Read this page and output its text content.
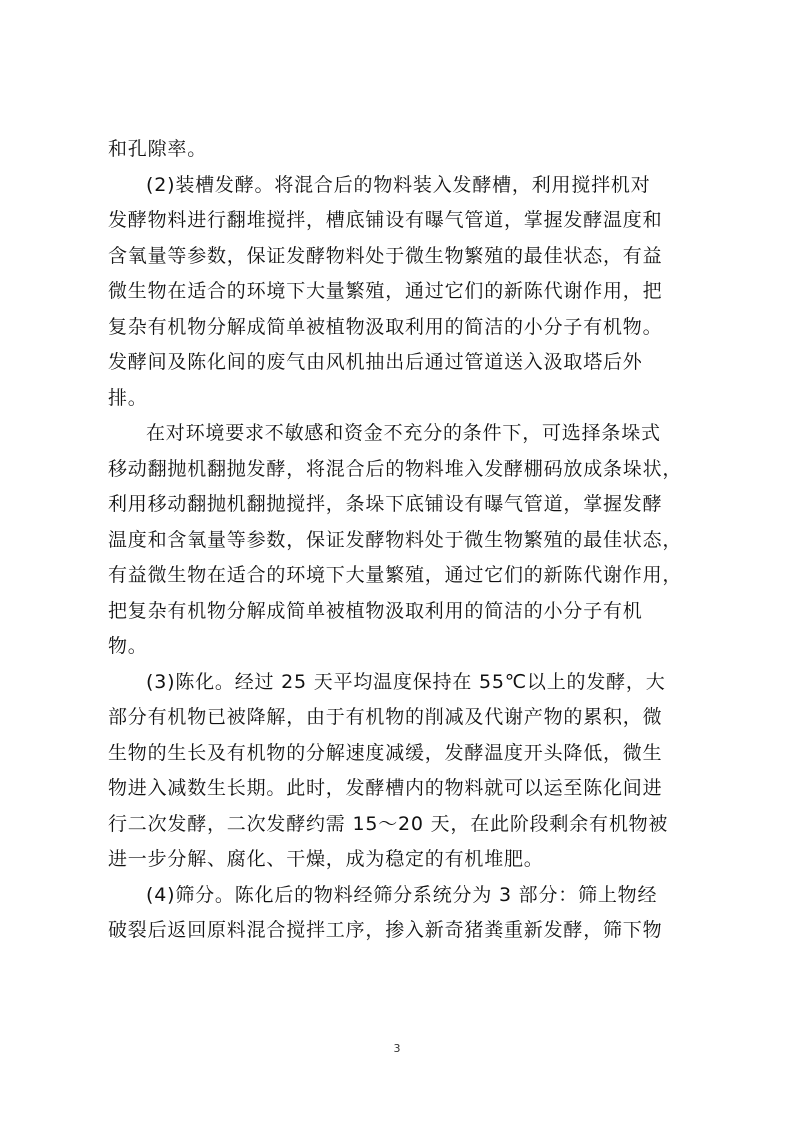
和孔隙率。
(2)装槽发酵。将混合后的物料装入发酵槽，利用搅拌机对
发酵物料进行翻堆搅拌，槽底铺设有曝气管道，掌握发酵温度和
含氧量等参数，保证发酵物料处于微生物繁殖的最佳状态，有益
微生物在适合的环境下大量繁殖，通过它们的新陈代谢作用，把
复杂有机物分解成简单被植物汲取利用的简洁的小分子有机物。
发酵间及陈化间的废气由风机抽出后通过管道送入汲取塔后外
排。
在对环境要求不敏感和资金不充分的条件下，可选择条垛式
移动翻抛机翻抛发酵，将混合后的物料堆入发酵棚码放成条垛状，
利用移动翻抛机翻抛搅拌，条垛下底铺设有曝气管道，掌握发酵
温度和含氧量等参数，保证发酵物料处于微生物繁殖的最佳状态，
有益微生物在适合的环境下大量繁殖，通过它们的新陈代谢作用，
把复杂有机物分解成简单被植物汲取利用的简洁的小分子有机
物。
(3)陈化。经过 25 天平均温度保持在 55℃以上的发酵，大
部分有机物已被降解，由于有机物的削减及代谢产物的累积，微
生物的生长及有机物的分解速度减缓，发酵温度开头降低，微生
物进入减数生长期。此时，发酵槽内的物料就可以运至陈化间进
行二次发酵，二次发酵约需 15～20 天，在此阶段剩余有机物被
进一步分解、腐化、干燥，成为稳定的有机堆肥。
(4)筛分。陈化后的物料经筛分系统分为 3 部分：筛上物经
破裂后返回原料混合搅拌工序，掺入新奇猪粪重新发酵，筛下物

3
